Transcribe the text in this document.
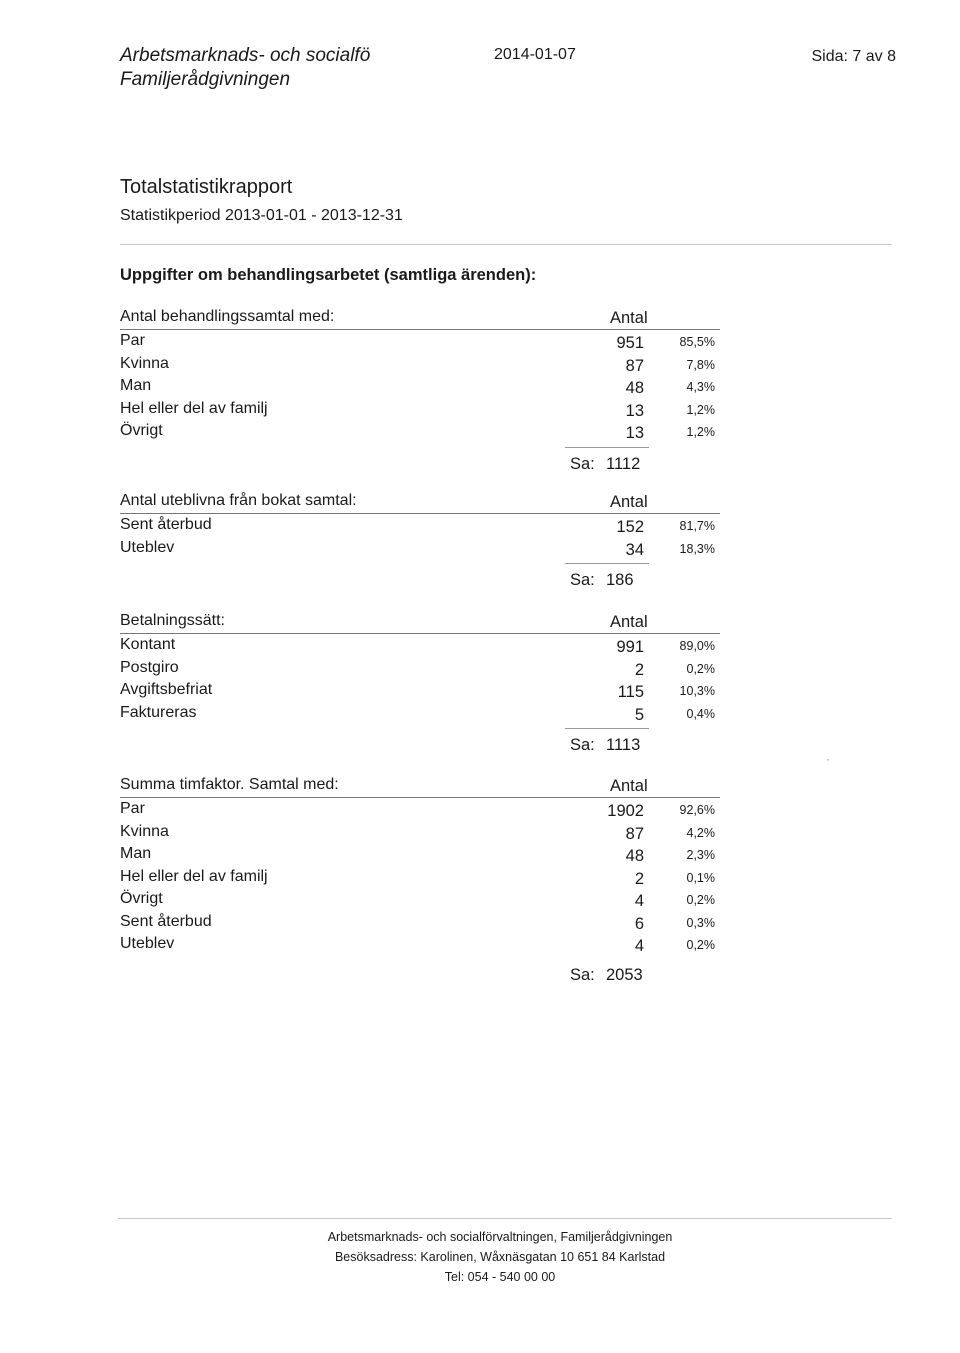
Arbetsmarknads- och socialfö
Familjerådgivningen
2014-01-07	Sida: 7 av 8
Totalstatistikrapport
Statistikperiod 2013-01-01 - 2013-12-31
Uppgifter om behandlingsarbetet (samtliga ärenden):
Antal behandlingssamtal med:	Antal
Par	951	85,5%
Kvinna	87	7,8%
Man	48	4,3%
Hel eller del av familj	13	1,2%
Övrigt	13	1,2%
Sa: 1112
Antal uteblivna från bokat samtal:	Antal
Sent återbud	152	81,7%
Uteblev	34	18,3%
Sa: 186
Betalningssätt:	Antal
Kontant	991	89,0%
Postgiro	2	0,2%
Avgiftsbefriat	115	10,3%
Faktureras	5	0,4%
Sa: 1113
Summa timfaktor. Samtal med:	Antal
Par	1902	92,6%
Kvinna	87	4,2%
Man	48	2,3%
Hel eller del av familj	2	0,1%
Övrigt	4	0,2%
Sent återbud	6	0,3%
Uteblev	4	0,2%
Sa: 2053
·
Arbetsmarknads- och socialförvaltningen, Familjerådgivningen
Besöksadress: Karolinen, Wåxnäsgatan 10 651 84 Karlstad
Tel: 054 - 540 00 00
